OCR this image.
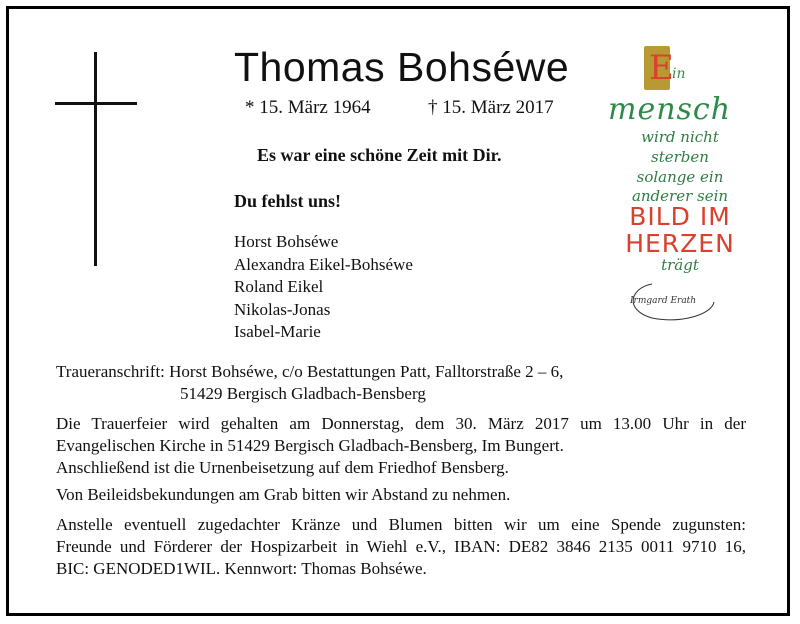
Thomas Bohséwe
* 15. März 1964	† 15. März 2017
Es war eine schöne Zeit mit Dir.
Du fehlst uns!
Horst Bohséwe
Alexandra Eikel-Bohséwe
Roland Eikel
Nikolas-Jonas
Isabel-Marie
E
in
mensch
wird nicht
sterben
solange ein
anderer sein
BILD IM
HERZEN
trägt
Irmgard Erath
Traueranschrift: Horst Bohséwe, c/o Bestattungen Patt, Falltorstraße 2 – 6,
51429 Bergisch Gladbach-Bensberg
Die Trauerfeier wird gehalten am Donnerstag, dem 30. März 2017 um 13.00 Uhr in der
Evangelischen Kirche in 51429 Bergisch Gladbach-Bensberg, Im Bungert.
Anschließend ist die Urnenbeisetzung auf dem Friedhof Bensberg.
Von Beileidsbekundungen am Grab bitten wir Abstand zu nehmen.
Anstelle eventuell zugedachter Kränze und Blumen bitten wir um eine Spende zugunsten:
Freunde und Förderer der Hospizarbeit in Wiehl e.V., IBAN: DE82 3846 2135 0011 9710 16,
BIC: GENODED1WIL. Kennwort: Thomas Bohséwe.
